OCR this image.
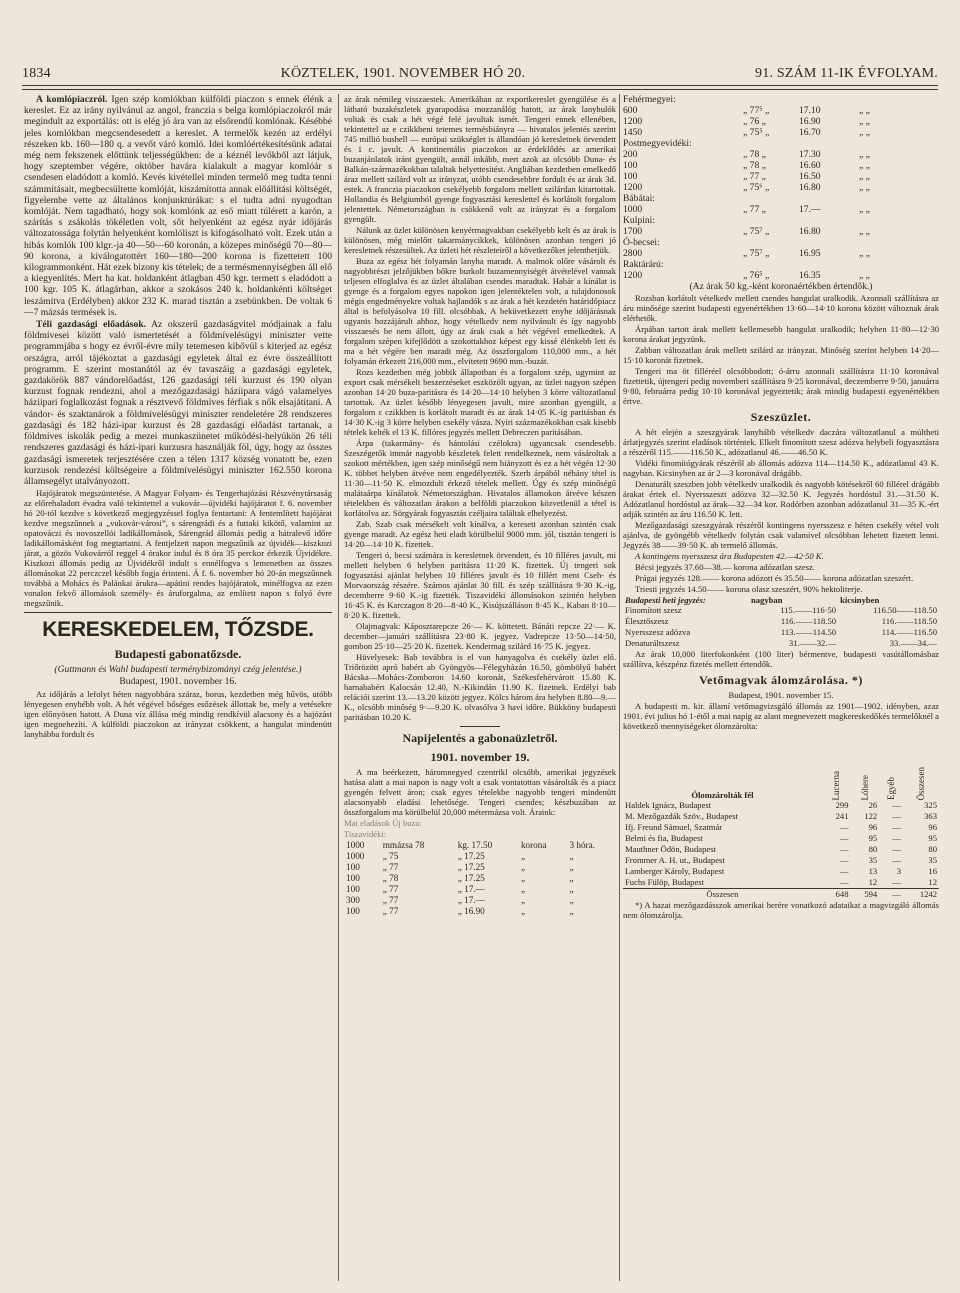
1834	KÖZTELEK, 1901. NOVEMBER HÓ 20.	91. SZÁM 11-IK ÉVFOLYAM.

A komlópiaczról. Igen szép komlókban külföldi piaczon s ennek élénk a kereslet. Ez az irány nyilvánul az angol, franczia s belga komlópiaczokról már megindult az exportálás: ott is elég jó ára van az elsőrendű komlónak. Késébbé jeles komlókban megcsendesedett a kereslet. A termelők kezén az erdélyi részeken kb. 160—180 q. a vevőt váró komló. Idei komlóértékesítésünk adatai még nem fekszenek előttünk teljességükben: de a kéznél levőkből azt látjuk, hogy szeptember végére, október havára kialakult a magyar komlóár s csendesen eladódott a komló. Kevés kivétellel minden termelő meg tudta tenni számmításait, megbecsültette komlóját, kiszámította annak előállítási költségét, figyelembe vette az általános konjunktúrákat: s el tudta adni nyugodtan komlóját. Nem tagadható, hogy sok komlónk az eső miatt túlérett a karón, a szárítás s zsákolás tökéletlen volt, sőt helyenként az egész nyár időjárás változatossága folytán helyenként komlóliszt is kifogásolható volt. Ezek után a hibás komlók 100 klgr.-ja 40—50—60 koronán, a közepes minőségű 70—80—90 korona, a kiválogatottért 160—180—200 korona is fizettetett 100 kilogrammonként. Hát ezek bizony kis tételek; de a termésmennyiségben áll elő a kiegyenlítés. Mert ha kat. holdanként átlagban 450 kgr. termett s eladódott a 100 kgr. 105 K. átlagárban, akkor a szokásos 240 k. holdankénti költséget leszámítva (Erdélyben) akkor 232 K. marad tisztán a zsebünkben. De voltak 6—7 mázsás termések is.

Téli gazdasági előadások. Az okszerű gazdaságvitel módjainak a falu földmívesei között való ismertetését a földmívelésügyi miniszter vette programmjába s hogy ez évről-évre mily tetemesen kibővül s kiterjed az egész országra, arról tájékoztat a gazdasági egyletek által ez évre összeállított programm. E szerint mostanától az év tavaszáig a gazdasági egyletek, gazdakörök 887 vándorelőadást, 126 gazdasági téli kurzust és 190 olyan kurzust fognak rendezni, ahol a mezőgazdasági háziipara vágó valamelyes háziipari foglalkozást fognak a résztvevő földmíves férfiak s nők elsajátítani. A vándor- és szaktanárok a földmívelésügyi miniszter rendeletére 28 rendszeres gazdasági és 182 házi-ipar kurzust és 28 gazdasági előadást tartanak, a földmíves iskolák pedig a mezei munkaszünetet működési-helyükön 26 téli rendszeres gazdasági és házi-ipari kurzusra használják föl, úgy, hogy az összes gazdasági ismeretek terjesztésére czen a télen 1317 község vonatott be, ezen kurzusok rendezési költségeire a földmívelésügyi miniszter 162.550 korona államsegélyt utalványozott.

Hajójáratok megszüntetése. A Magyar Folyam- és Tengerhajózási Részvénytársaság az előrehaladott évadra való tekintettel a vukovár—újvidéki hajójáratot f. 6. november hó 20-tól kezdve s következő megjegyzéssel foglya fentartani: A fentemlített hajójárat kezdve megszűnnek a „vukovár-városi”, s sárengrádi és a futtaki kikötő, valamint az opatováczi és novoszellói ladikállomások, Sárengrád állomás pedig a hátralevő időre ladikállomásként fog megtartatni. A fentjelzett napon megszűnik az újvidék—kiszkozi járat, a gözös Vukovárról reggel 4 órakor indul és 8 óra 35 perckor érkezik Újvidékre. Kiszkozi állomás pedig az Újvidékről indult s ennélfogva s lemenetben az összes állomásokat 22 perczczel később fogja érinteni. Á f. 6. november hó 20-án megszűnnek továbbá a Mohács és Palánkai árukra—apátini rendes hajójáratok, minélfogva az ezen vonalon fekvő állomások személy- és áruforgalma, az említett napon s folyó évre megszűnik.

KERESKEDELEM, TŐZSDE.
Budapesti gabonatőzsde.

(Guttmann és Wahl budapesti terménybizományi czég jelentése.)

Budapest, 1901. november 16.

Az időjárás a lefolyt héten nagyobbára száraz, borus, kezdetben még hűvös, utóbb lényegesen enyhébb volt. A hét végével bőséges esőzések állottak be, mely a vetésekre igen előnyösen hatott. A Duna víz állása még mindig rendkívül alacsony és a hajózást igen megnehezíti. A külföldi piaczokon az irányzat csökkent, a hangulat mindenütt lanyhábba fordult és

az árak némileg visszaestek. Amerikában az exportkereslet gyengülése és a látható buzakészletek gyarapodása mozzanálóg hatott, az árak lanyhulók voltak és csak a hét végé felé javultak ismét. Tengeri ennek ellenében, tekintettel az e czikkbeni tetemes termésbiányra — hivatalos jelentés szerint 745 millió bushell — európai szükséglet is állandóan jó keresletnek örvendett és 1 c. javult. A kontinentális piaczokon az érdeklődés az amerikai buzanjánlatok iránt gyengült, annál inkább, mert azok az olcsóbb Duna- és Balkán-származékokban talaltak helyettesítést. Angliában kezdetben emelkedő áraz mellett szilárd volt az irányzat, utóbb csendesebbre fordult és az árak 3d. estek. A franczia piaczokon csekélyebb forgalom mellett szilárdan kitartottak. Hollandia és Belgiumból gyenge fogyasztási kereslettel és korlátolt forgalom jelentettek. Németországban is csökkenő volt az irányzat és a forgalom gyengült.

Nálunk az üzlet különösen kenyérmagvakban csekélyebb kelt és az árak is különösen, még mielőtt takarmánycikkek, különösen azonban tengeri jó keresletnek részesültek. Az üzleti hét részleteiről a következőket jelenthetjük.

Buza az egész hét folyamán lanyha maradt. A malmok olőre vásárolt és nagyobbrészt jelzőjükben bőkre burkolt buzamennyiségét átvételével vannak teljesen elfoglalva és az üzlet általában csendes maradtak. Habár a kínálat is gyenge és a forgalom egyes napokon igen jelentéktelen volt, a tulajdonosok mégis engedményekre voltak hajlandók s az árak a hét kezdetén határidőpiacz által is befolyásolva 10 fill. olcsóbbak. A beküvetkezett enyhe időjárásnak ugyanis hozzájárult ahhoz, hogy vételkedv nem nyilvánult és így nagyobb visszaesés be nem állott, úgy az árak csak a hét végével emelkedtek. A forgalom szépen kifejlődött a szokottakhoz képest egy kissé élénkebb lett és ma a hét végére ben maradt még. Az összforgalom 110,000 mm., a hét folyamán érkezett 216,000 mm., elvitetett 9690 mm.-buzát.

Rozs kezdetben még jobbik állapotban és a forgalom szép, ugymint az export csak mérsékelt beszerzéseket eszközölt ugyan, az üzlet nagyon szépen azonban 14·20 buza-paritásra és 14·20—14·10 helyben 3 körre változatlanul tartottak. Az üzlet később lényegesen javult, mire azonban gyengült, a forgalom ε czikkben is korlátolt maradt és az árak 14·05 K.-ig paritásban és 14·30 K.-ig 3 körre helyben csekély vásza. Nyíri százmazékokban csak kisebb tételek kelték el 13 K. fillóres jegyzés mellett Debreczen paritásában.

Árpa (takarmány- és hántolási czélokra) ugyancsak csendesebb. Szeszégetők immár nagyobb készletek felett rendelkeznek, nem vásároltak a szokott mértékben, igen szép minőségű nem hiányzott és ez a hét végén 12·30 K. többet helyben átvéve nem engedélyezték. Szerb árpából néhány tétel is 11·30—11·50 K. elmozdult érkező tételek mellett. Úgy és szép minőségű malátaárpa kínálatok Németországban. Hivatalos államokon átvéve készen tételekben és változatlan árakon a belföldi piaczokon közvetlenül a tétel is korlátolva az. Sörgyárak fogyasztás czéljaira találtak elhelyezést.

Zab. Szab csak mérsékelt volt kínálva, a keresett azonban szintén csak gyenge maradt. Az egész heti eladt körülbelül 9000 mm. jól, tisztán tengeri is 14·20—14·10 K. fizettek.

Tengeri ó, becsi számára is keresletnek örvendett, és 10 filléres javult, mi mellett helyben 6 helyben paritásra 11·20 K. fizettek. Új tengeri sok fogyasztási ajánlat helyben 10 filléres javult és 10 fillért ment Cseh- és Morvaország részére. Számos ajánlat 30 fill. és szép szállításra 9·30 K.-ig, decemberre 9·60 K.-ig fizették. Tiszavidéki állomásokon szintén helyben 16·45 K. és Karczagon 8·20—8·40 K., Kisújszálláson 8·45 K., Kaban 8·10—8·20 K. fizettek.

Olajmagvak: Káposztarepcze 26·— K. köttetett. Bánáti repcze 22·— K. december—januári szállításra 23·80 K. jegyez. Vadrepcze 13·50—14·50, gombon 25·10—25·20 K. fizettek. Kendermag szilárd 16·75 K. jegyez.

Hüvelyesek: Bab továbbra is el van hanyagolva és csekély üzlet elő. Triőrözött apró babért ab Gyöngyös—Félegyházán 16.50, gömbölyű babért Bácska—Mohács-Zomboron 14.60 koronát, Székesfehérvárott 15.80 K. barnababért Kalocsán 12.40, N.-Kikindán 11.90 K. fizetnek. Erdélyi bab relációi szerint 13.—13.20 között jegyez. Kölcs három ára helyben 8.80—9.— K., olcsóbb minőség 9·—9.20 K. olvasólva 3 havi időre. Bükköny budapesti paritásban 10.20 K.

Napijelentés a gabonaüzletről.
1901. november 19.

A ma beérkezett, háromnegyed czentrikl olcsóbb, amerikai jegyzések hatása alatt a mai napon is nagy volt a csak vontatottan vásárolták és a piacz gyengén felvett áron; csak egyes tételekbe nagyobb tengeri mindenütt alacsonyabb eladási lehetősége. Tengeri csendes; készbuzában az összforgalom ma körülbelül 20,000 métermázsa volt. Áraink:

Mai eladások Új buza:

Tiszavidéki:

1000	mmázsa 78	kg. 17.50	korona	3 hóra.
1000	„ 75	„ 17.25	„	„
100	„ 77	„ 17.25	„	„
100	„ 78	„ 17.25	„	„
100	„ 77	„ 17.—	„	„
300	„ 77	„ 17.—	„	„
100	„ 77	„ 16.90	„	„
Fehérmegyei:
600	„ 77⁵ „	17.10	„ „
1200	„ 76 „	16.90	„ „
1450	„ 75⁵ „	16.70	„ „
Postmegyevidéki:
200	„ 78 „	17.30	„ „
100	„ 78 „	16.60	„ „
100	„ 77 „	16.50	„ „
1200	„ 75⁶ „	16.80	„ „
Bábátai:
1000	„ 77 „	17.—	„ „
Kulpini:
1700	„ 75⁷ „	16.80	„ „
Ó-becsei:
2800	„ 75⁷ „	16.95	„ „
Raktárárú:
1200	„ 76⁵ „	16.35	„ „

(Az árak 50 kg.-ként koronaértékben értendők.)

Rozsban korlátolt vételkedv mellett csendes hangulat uralkodik. Azonnali szállításra az áru minősége szerint budapesti egyenértékben 13·60—14·10 korona között változnak árak elérhetők.

Árpában tartott árak mellett kellemesebb hangulat uralkodik; helyben 11·80—12·30 korona árakat jegyzünk.

Zabban változatlan árak mellett szilárd az irányzat. Minőség szerint helyben 14·20—15·10 koronát fizetnek.

Tengeri ma öt filléréel olcsóbbodott; ó-árru azonnali szállításra 11·10 koronával fizettetik, újtengeri pedig novemberi szállításra 9·25 koronával, deczemberre 9·50, januárra 9·80, februárra pedig 10·10 koronával jegyeztetik; árak mindig budapesti egyenértékben értve.

Szeszüzlet.

A hét elején a szeszgyárak lanyhább vételkedv daczára változatlanul a múltheti árlatjegyzés szerint eladások történtek. Elkelt finomított szesz adózva helybeli fogyasztásra a részéről 115.——116.50 K., adózatlanul 46.——46.50 K.

Vidéki finomítógyárak részéről ab állomás adózva 114—114.50 K., adózatlanul 43 K. nagyban. Kicsinyben az ár 2—3 koronával drágább.

Denaturált szeszben jobb vételkedv uralkodik és nagyobb kötésekről 60 fillérel drágább árakat értek el. Nyersszeszt adózva 32—32.50 K. Jegyzés hordóstul 31.—31.50 K. Adózatlanul hordóstul az árak—32—34 kor. Rodórben azonban adózatlanul 31—35 K.-ért adják szintén az áru 116.50 K. lett.

Mezőgazdasági szeszgyárak részéről kontingens nyersszesz e héten csekély vétel volt ajánlva, de gyöngébb vételkedv folytán csak valamivel olcsóbban lehetett fizetett lenni. Jegyzés 38——39·50 K. ab termelő állomás.

A kontingens nyersszesz ára Budapesten 42.—42·50 K.

Bécsi jegyzés 37.60—38.— korona adózatlan szesz.

Prágai jegyzés 128.—— korona adózott és 35.50—— korona adózatlan szeszért.

Triesti jegyzés 14.50—— korona olasz szeszért, 90% hektoliterje.

Budapesti heti jegyzés:	nagyban	kicsinyben
Finomított szesz	115.——116·50	116.50——118.50
Élesztőszesz	116.——118.50	116.——118.50
Nyersszesz adózva	113.——114.50	114.——116.50
Denaturáltszesz	31.——32.—	33.——34.—

Az árak 10,000 literfokonként (100 liter) bérmentve, budapesti vasútállomásbaz szállítva, készpénz fizetés mellett értendők.

Vetőmagvak álomzárolása. *)

Budapest, 1901. november 15.

A budapesti m. kir. államí vetőmagvizsgáló állomás az 1901—1902. idényben, azaz 1901. évi julius hó 1-étől a mai napig az alant megnevezett magkereskedőkés termelőknél a következő mennyiségeket ólomzárolta:

Ólomzárolták fél	Lucerna	Lóhere	Egyéb	Összesen

Haldek Ignácz, Budapest	299	26	—	325
M. Mezőgazdák Szöv., Budapest	241	122	—	363
Ifj. Freund Sámuel, Szatmár	—	96	—	96
Belmi és fia, Budapest	—	95	—	95
Mauthner Ödön, Budapest	—	80	—	80
Frommer A. H. ut., Budapest	—	35	—	35
Lamberger Károly, Budapest	—	13	3	16
Fuchs Fülöp, Budapest	—	12	—	12
Összesen	648	594	—	1242

*) A hazai mezőgazdásszok amerikai herére vonatkozó adataikat a magvizgáló állomás nem ólomzárolja.
